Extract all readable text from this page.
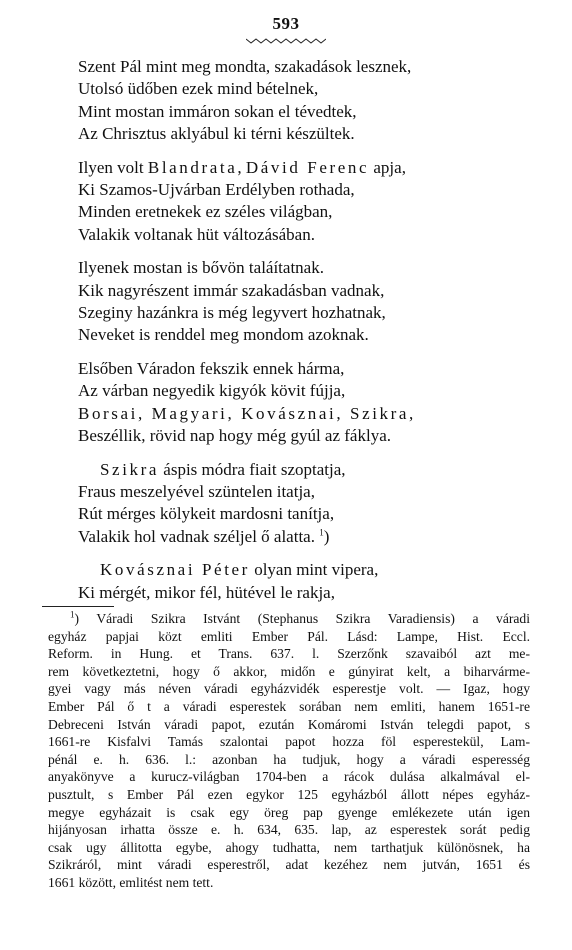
593
Szent Pál mint meg mondta, szakadások lesznek,
Utolsó üdőben ezek mind bételnek,
Mint mostan immáron sokan el tévedtek,
Az Chrisztus aklyábul ki térni készültek.
Ilyen volt Blandrata, Dávid Ferenc apja,
Ki Szamos-Ujvárban Erdélyben rothada,
Minden eretnekek ez széles világban,
Valakik voltanak hüt változásában.
Ilyenek mostan is bővön taláítatnak.
Kik nagyrészent immár szakadásban vadnak,
Szeginy hazánkra is még legyvert hozhatnak,
Neveket is renddel meg mondom azoknak.
Elsőben Váradon fekszik ennek hárma,
Az várban negyedik kigyók kövit fújja,
Borsai, Magyari, Kovásznai, Szikra,
Beszéllik, rövid nap hogy még gyúl az fáklya.
Szikra áspis módra fiait szoptatja,
Fraus meszelyével szüntelen itatja,
Rút mérges kölykeit mardosni tanítja,
Valakik hol vadnak széljel ő alatta. $^1$)
Kovásznai Péter olyan mint vipera,
Ki mérgét, mikor fél, hütével le rakja,
$^1$) Váradi Szikra Istvánt (Stephanus Szikra Varadiensis) a váradi
egyház papjai közt emliti Ember Pál. Lásd: Lampe, Hist. Eccl.
Reform. in Hung. et Trans. 637. l. Szerzőnk szavaiból azt me-
rem következtetni, hogy ő akkor, midőn e gúnyirat kelt, a biharvárme-
gyei vagy más néven váradi egyházvidék esperestje volt. — Igaz, hogy
Ember Pál ő t a váradi esperestek sorában nem emliti, hanem 1651-re
Debreceni István váradi papot, ezután Komáromi István telegdi papot, s
1661-re Kisfalvi Tamás szalontai papot hozza föl esperestekül, Lam-
pénál e. h. 636. l.: azonban ha tudjuk, hogy a váradi esperesség
anyakönyve a kurucz-világban 1704-ben a rácok dulása alkalmával el-
pusztult, s Ember Pál ezen egykor 125 egyházból állott népes egyház-
megye egyházait is csak egy öreg pap gyenge emlékezete után igen
hijányosan irhatta össze e. h. 634, 635. lap, az esperestek sorát pedig
csak ugy állitotta egybe, ahogy tudhatta, nem tarthatjuk különösnek, ha
Szikráról, mint váradi esperestről, adat kezéhez nem jutván, 1651 és
1661 között, emlitést nem tett.
